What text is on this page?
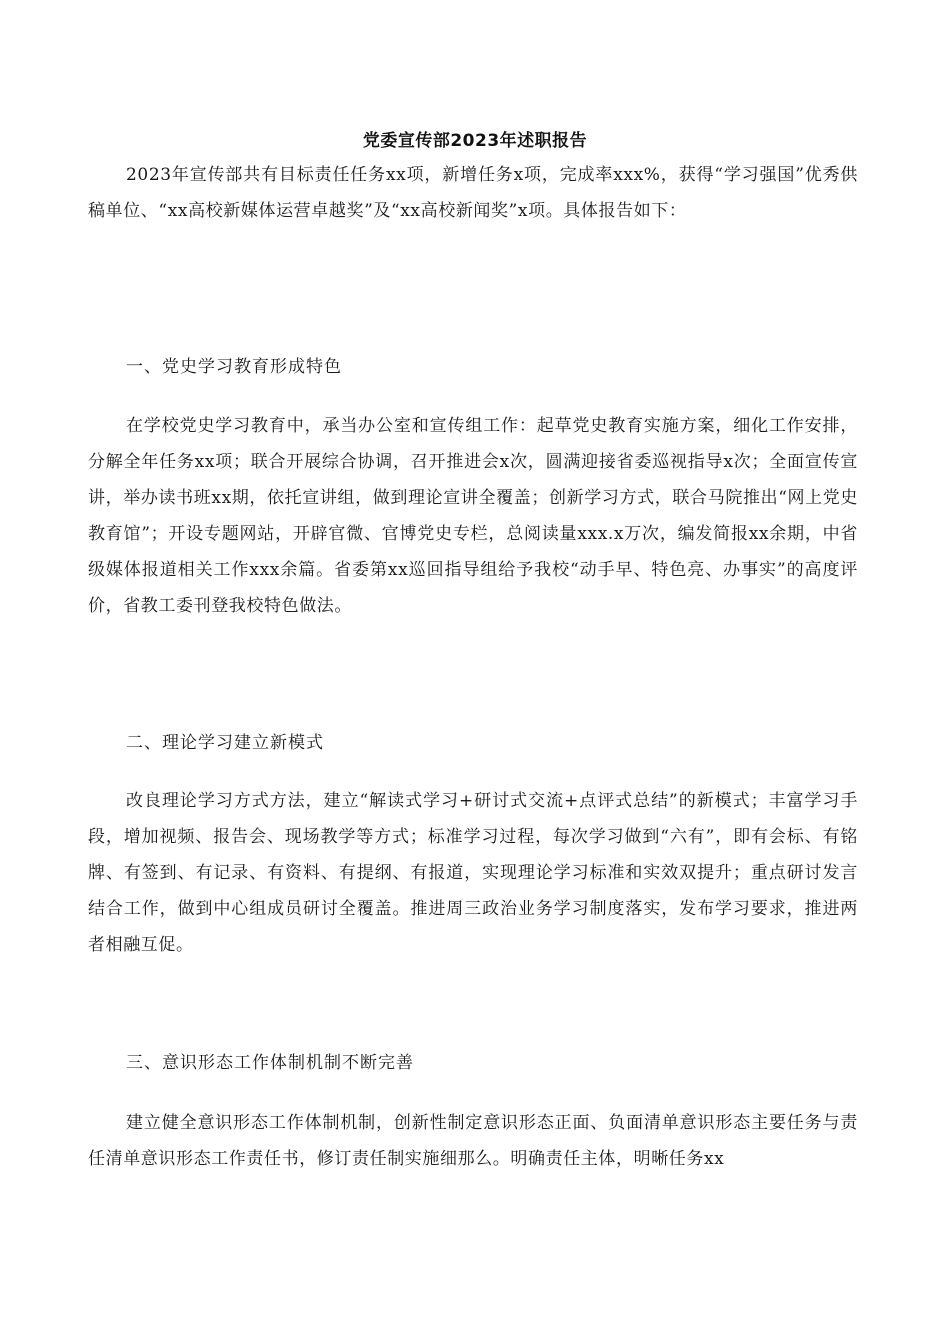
党委宣传部2023年述职报告
2023年宣传部共有目标责任任务xx项，新增任务x项，完成率xxx%，获得“学习强国”优秀供稿单位、“xx高校新媒体运营卓越奖”及“xx高校新闻奖”x项。具体报告如下：
一、党史学习教育形成特色
在学校党史学习教育中，承当办公室和宣传组工作：起草党史教育实施方案，细化工作安排，分解全年任务xx项；联合开展综合协调，召开推进会x次，圆满迎接省委巡视指导x次；全面宣传宣讲，举办读书班xx期，依托宣讲组，做到理论宣讲全覆盖；创新学习方式，联合马院推出“网上党史教育馆”；开设专题网站，开辟官微、官博党史专栏，总阅读量xxx.x万次，编发简报xx余期，中省级媒体报道相关工作xxx余篇。省委第xx巡回指导组给予我校“动手早、特色亮、办事实”的高度评价，省教工委刊登我校特色做法。
二、理论学习建立新模式
改良理论学习方式方法，建立“解读式学习+研讨式交流+点评式总结”的新模式；丰富学习手段，增加视频、报告会、现场教学等方式；标准学习过程，每次学习做到“六有”，即有会标、有铭牌、有签到、有记录、有资料、有提纲、有报道，实现理论学习标准和实效双提升；重点研讨发言结合工作，做到中心组成员研讨全覆盖。推进周三政治业务学习制度落实，发布学习要求，推进两者相融互促。
三、意识形态工作体制机制不断完善
建立健全意识形态工作体制机制，创新性制定意识形态正面、负面清单意识形态主要任务与责任清单意识形态工作责任书，修订责任制实施细那么。明确责任主体，明晰任务xx
